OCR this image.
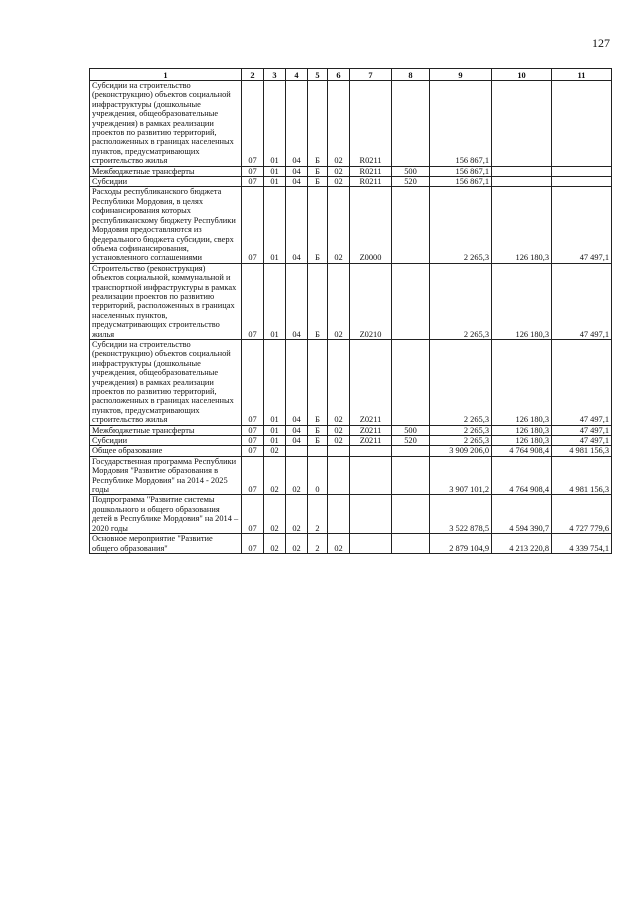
127
1	2	3	4	5	6	7	8	9	10	11
Субсидии на строительство (реконструкцию) объектов социальной инфраструктуры (дошкольные учреждения, общеобразовательные учреждения) в рамках реализации проектов по развитию территорий, расположенных в границах населенных пунктов, предусматривающих строительство жилья	07	01	04	Б	02	R0211		156 867,1		
Межбюджетные трансферты	07	01	04	Б	02	R0211	500	156 867,1		
Субсидии	07	01	04	Б	02	R0211	520	156 867,1		
Расходы республиканского бюджета Республики Мордовия, в целях софинансирования которых республиканскому бюджету Республики Мордовия предоставляются из федерального бюджета субсидии, сверх объема софинансирования, установленного соглашениями	07	01	04	Б	02	Z0000		2 265,3	126 180,3	47 497,1
Строительство (реконструкция) объектов социальной, коммунальной и транспортной инфраструктуры в рамках реализации проектов по развитию территорий, расположенных в границах населенных пунктов, предусматривающих строительство жилья	07	01	04	Б	02	Z0210		2 265,3	126 180,3	47 497,1
Субсидии на строительство (реконструкцию) объектов социальной инфраструктуры (дошкольные учреждения, общеобразовательные учреждения) в рамках реализации проектов по развитию территорий, расположенных в границах населенных пунктов, предусматривающих строительство жилья	07	01	04	Б	02	Z0211		2 265,3	126 180,3	47 497,1
Межбюджетные трансферты	07	01	04	Б	02	Z0211	500	2 265,3	126 180,3	47 497,1
Субсидии	07	01	04	Б	02	Z0211	520	2 265,3	126 180,3	47 497,1
Общее образование	07	02						3 909 206,0	4 764 908,4	4 981 156,3
Государственная программа Республики Мордовия "Развитие образования в Республике Мордовия" на 2014 - 2025 годы	07	02	02	0				3 907 101,2	4 764 908,4	4 981 156,3
Подпрограмма "Развитие системы дошкольного и общего образования детей в Республике Мордовия" на 2014 – 2020 годы	07	02	02	2				3 522 878,5	4 594 390,7	4 727 779,6
Основное мероприятие "Развитие общего образования"	07	02	02	2	02			2 879 104,9	4 213 220,8	4 339 754,1
